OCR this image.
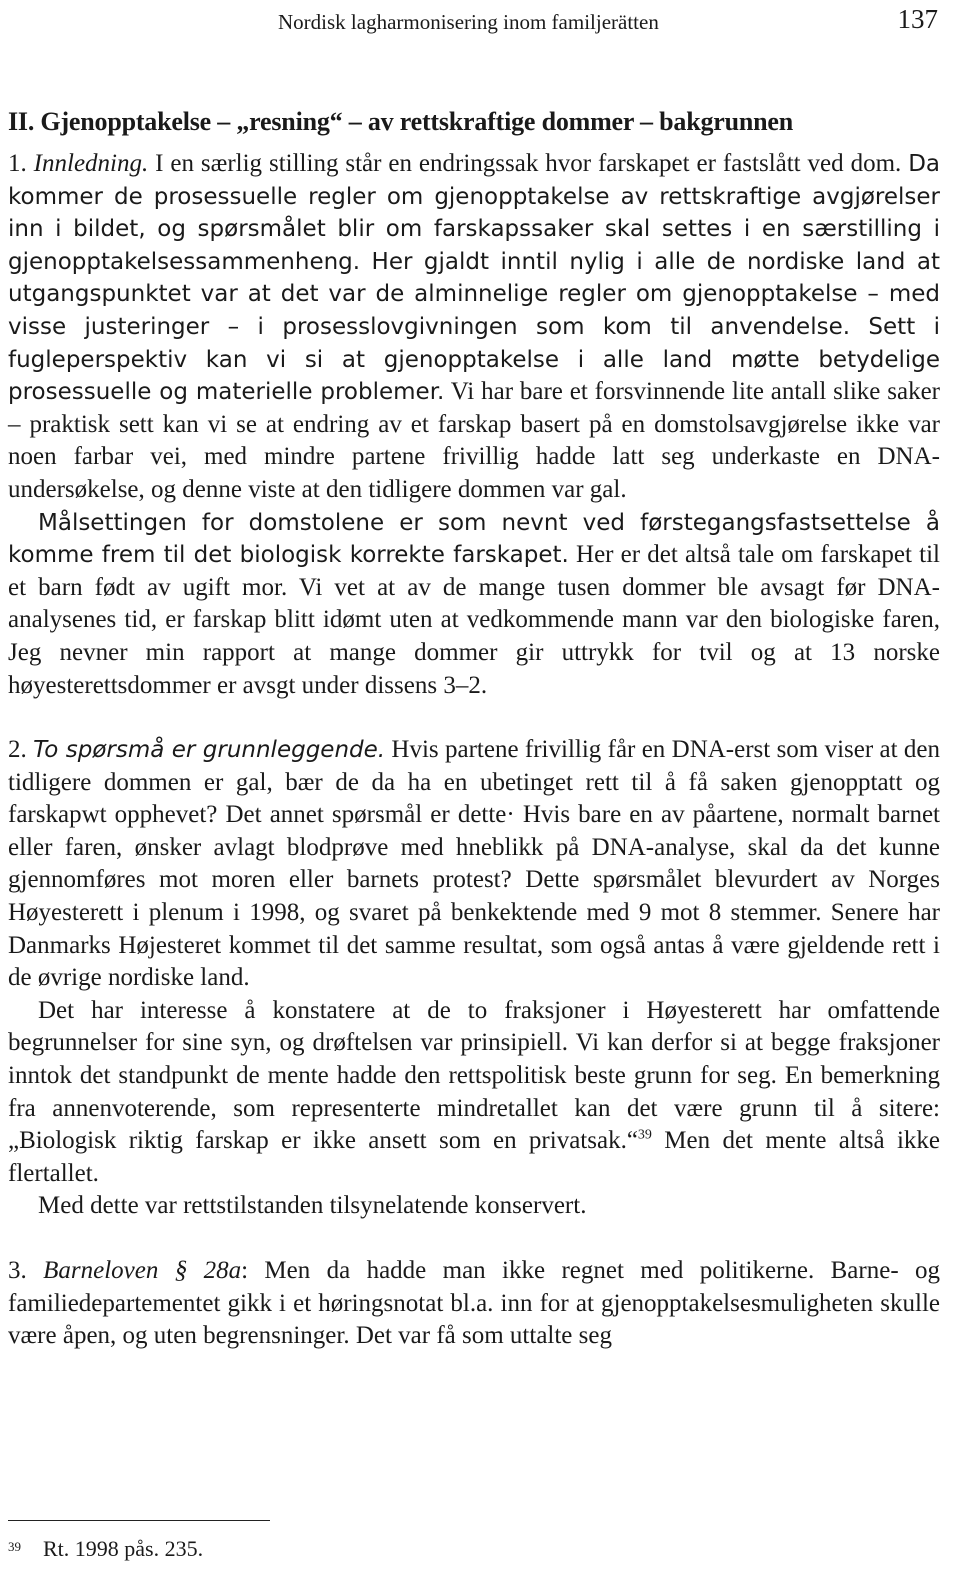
Nordisk lagharmonisering inom familjerätten	137
II. Gjenopptakelse – „resning“ – av rettskraftige dommer – bakgrunnen

1. Innledning. I en særlig stilling står en endringssak hvor farskapet er fastslått ved dom. Da kommer de prosessuelle regler om gjenopptakelse av rettskraftige avgjørelser inn i bildet, og spørsmålet blir om farskapssaker skal settes i en særstilling i gjenopptakelsessammenheng. Her gjaldt inntil nylig i alle de nordiske land at utgangspunktet var at det var de alminnelige regler om gjenopptakelse – med visse justeringer – i prosesslovgivningen som kom til anvendelse. Sett i fugleperspektiv kan vi si at gjenopptakelse i alle land møtte betydelige prosessuelle og materielle problemer. Vi har bare et forsvinnende lite antall slike saker – praktisk sett kan vi se at endring av et farskap basert på en domstolsavgjørelse ikke var noen farbar vei, med mindre partene frivillig hadde latt seg underkaste en DNA-undersøkelse, og denne viste at den tidligere dommen var gal.

Målsettingen for domstolene er som nevnt ved førstegangsfastsettelse å komme frem til det biologisk korrekte farskapet. Her er det altså tale om farskapet til et barn født av ugift mor. Vi vet at av de mange tusen dommer ble avsagt før DNA-analysenes tid, er farskap blitt idømt uten at vedkommende mann var den biologiske faren, Jeg nevner min rapport at mange dommer gir uttrykk for tvil og at 13 norske høyesterettsdommer er avsgt under dissens 3–2.

2. To spørsmå er grunnleggende. Hvis partene frivillig får en DNA-erst som viser at den tidligere dommen er gal, bær de da ha en ubetinget rett til å få saken gjenopptatt og farskapwt opphevet? Det annet spørsmål er dette· Hvis bare en av påartene, normalt barnet eller faren, ønsker avlagt blodprøve med hneblikk på DNA-analyse, skal da det kunne gjennomføres mot moren eller barnets protest? Dette spørsmålet blevurdert av Norges Høyesterett i plenum i 1998, og svaret på benkektende med 9 mot 8 stemmer. Senere har Danmarks Højesteret kommet til det samme resultat, som også antas å være gjeldende rett i de øvrige nordiske land.

Det har interesse å konstatere at de to fraksjoner i Høyesterett har omfattende begrunnelser for sine syn, og drøftelsen var prinsipiell. Vi kan derfor si at begge fraksjoner inntok det standpunkt de mente hadde den rettspolitisk beste grunn for seg. En bemerkning fra annenvoterende, som representerte mindretallet kan det være grunn til å sitere: „Biologisk riktig farskap er ikke ansett som en privatsak.“$^{39}$ Men det mente altså ikke flertallet.

Med dette var rettstilstanden tilsynelatende konservert.

3. Barneloven § 28a: Men da hadde man ikke regnet med politikerne. Barne- og familiedepartementet gikk i et høringsnotat bl.a. inn for at gjenopptakelsesmuligheten skulle være åpen, og uten begrensninger. Det var få som uttalte seg

$^{39}$ Rt. 1998 pås. 235.
